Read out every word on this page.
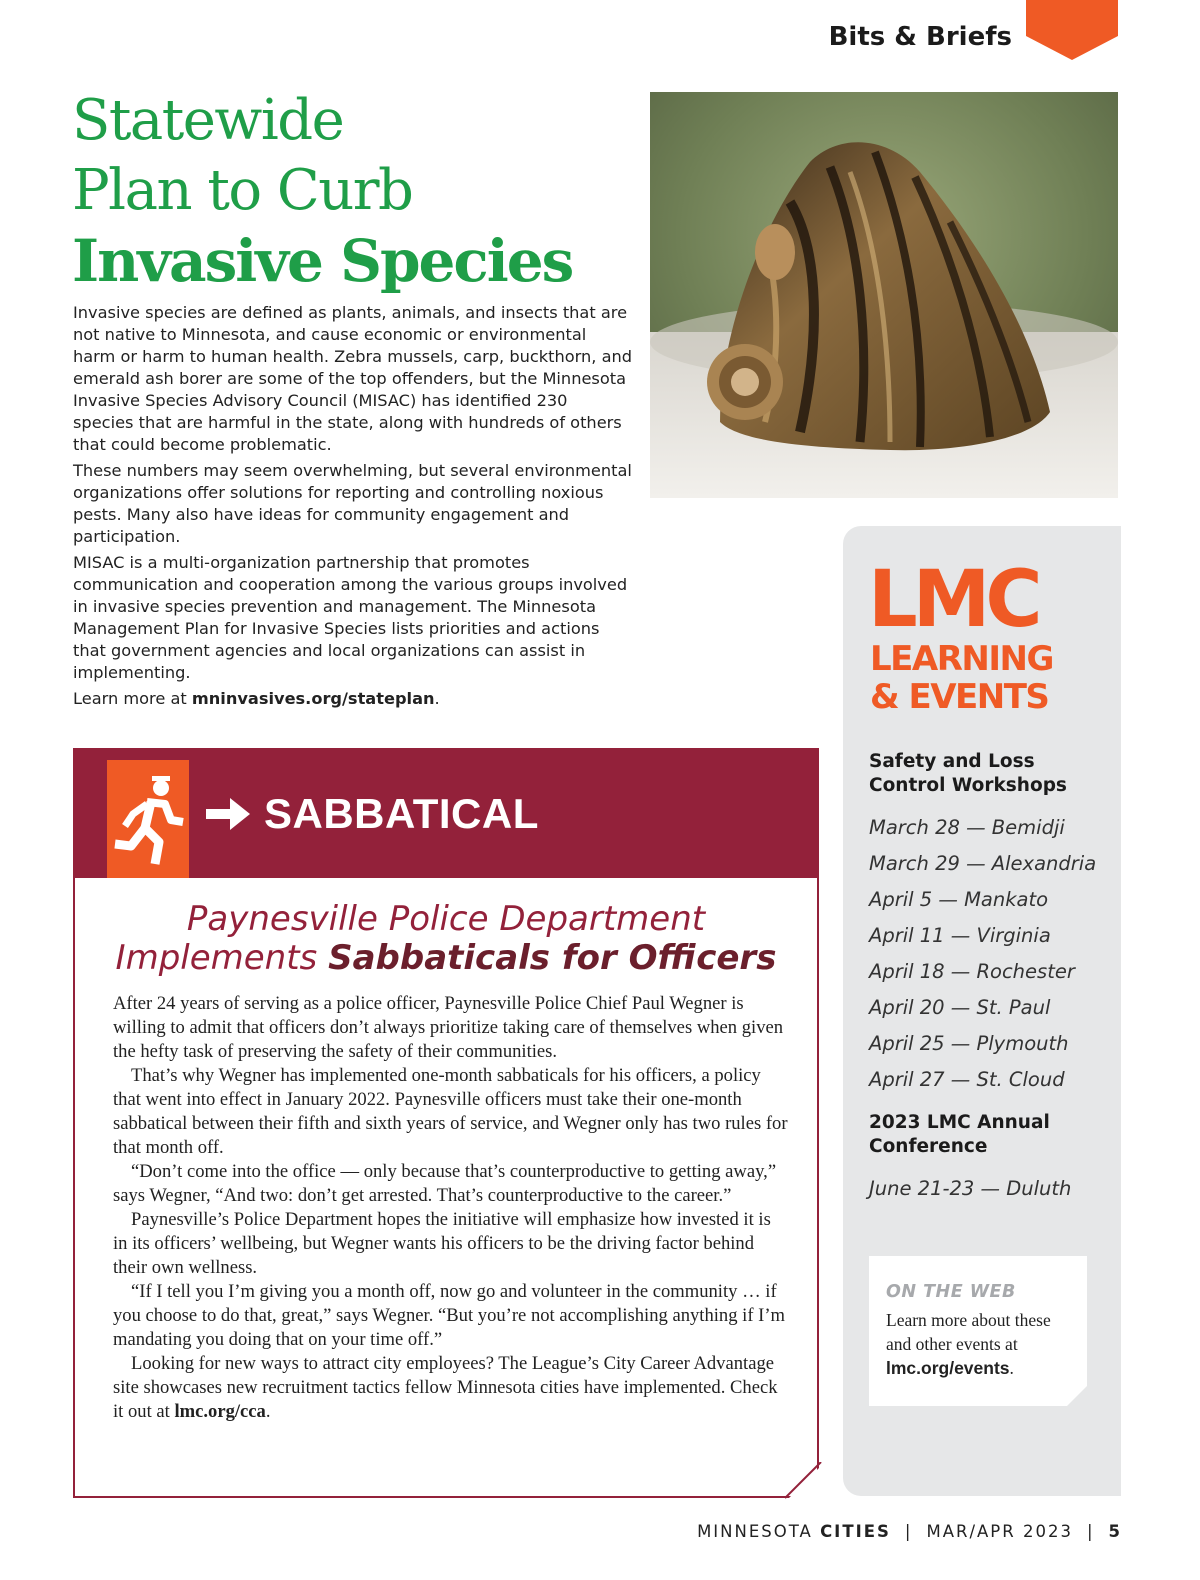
Bits & Briefs
Statewide
Plan to Curb
Invasive Species

Invasive species are defined as plants, animals, and insects that are not native to Minnesota, and cause economic or environmental harm or harm to human health. Zebra mussels, carp, buckthorn, and emerald ash borer are some of the top offenders, but the Minnesota Invasive Species Advisory Council (MISAC) has identified 230 species that are harmful in the state, along with hundreds of others that could become problematic.

These numbers may seem overwhelming, but several environmental organizations offer solutions for reporting and controlling noxious pests. Many also have ideas for community engagement and participation.

MISAC is a multi-organization partnership that promotes communication and cooperation among the various groups involved in invasive species prevention and management. The Minnesota Management Plan for Invasive Species lists priorities and actions that government agencies and local organizations can assist in implementing.

Learn more at mninvasives.org/stateplan.

SABBATICAL
Paynesville Police Department
Implements Sabbaticals for Officers

After 24 years of serving as a police officer, Paynesville Police Chief Paul Wegner is willing to admit that officers don’t always prioritize taking care of themselves when given the hefty task of preserving the safety of their communities.

That’s why Wegner has implemented one-month sabbaticals for his officers, a policy that went into effect in January 2022. Paynesville officers must take their one-month sabbatical between their fifth and sixth years of service, and Wegner only has two rules for that month off.

“Don’t come into the office — only because that’s counterproductive to getting away,” says Wegner, “And two: don’t get arrested. That’s counterproductive to the career.”

Paynesville’s Police Department hopes the initiative will emphasize how invested it is in its officers’ wellbeing, but Wegner wants his officers to be the driving factor behind their own wellness.

“If I tell you I’m giving you a month off, now go and volunteer in the community … if you choose to do that, great,” says Wegner. “But you’re not accomplishing anything if I’m mandating you doing that on your time off.”

Looking for new ways to attract city employees? The League’s City Career Advantage site showcases new recruitment tactics fellow Minnesota cities have implemented. Check it out at lmc.org/cca.

LMC
LEARNING
& EVENTS
Safety and Loss Control Workshops
March 28 — Bemidji
March 29 — Alexandria
April 5 — Mankato
April 11 — Virginia
April 18 — Rochester
April 20 — St. Paul
April 25 — Plymouth
April 27 — St. Cloud
2023 LMC Annual Conference
June 21-23 — Duluth
ON THE WEB
Learn more about these and other events at lmc.org/events.
MINNESOTA CITIES | MAR/APR 2023 | 5
